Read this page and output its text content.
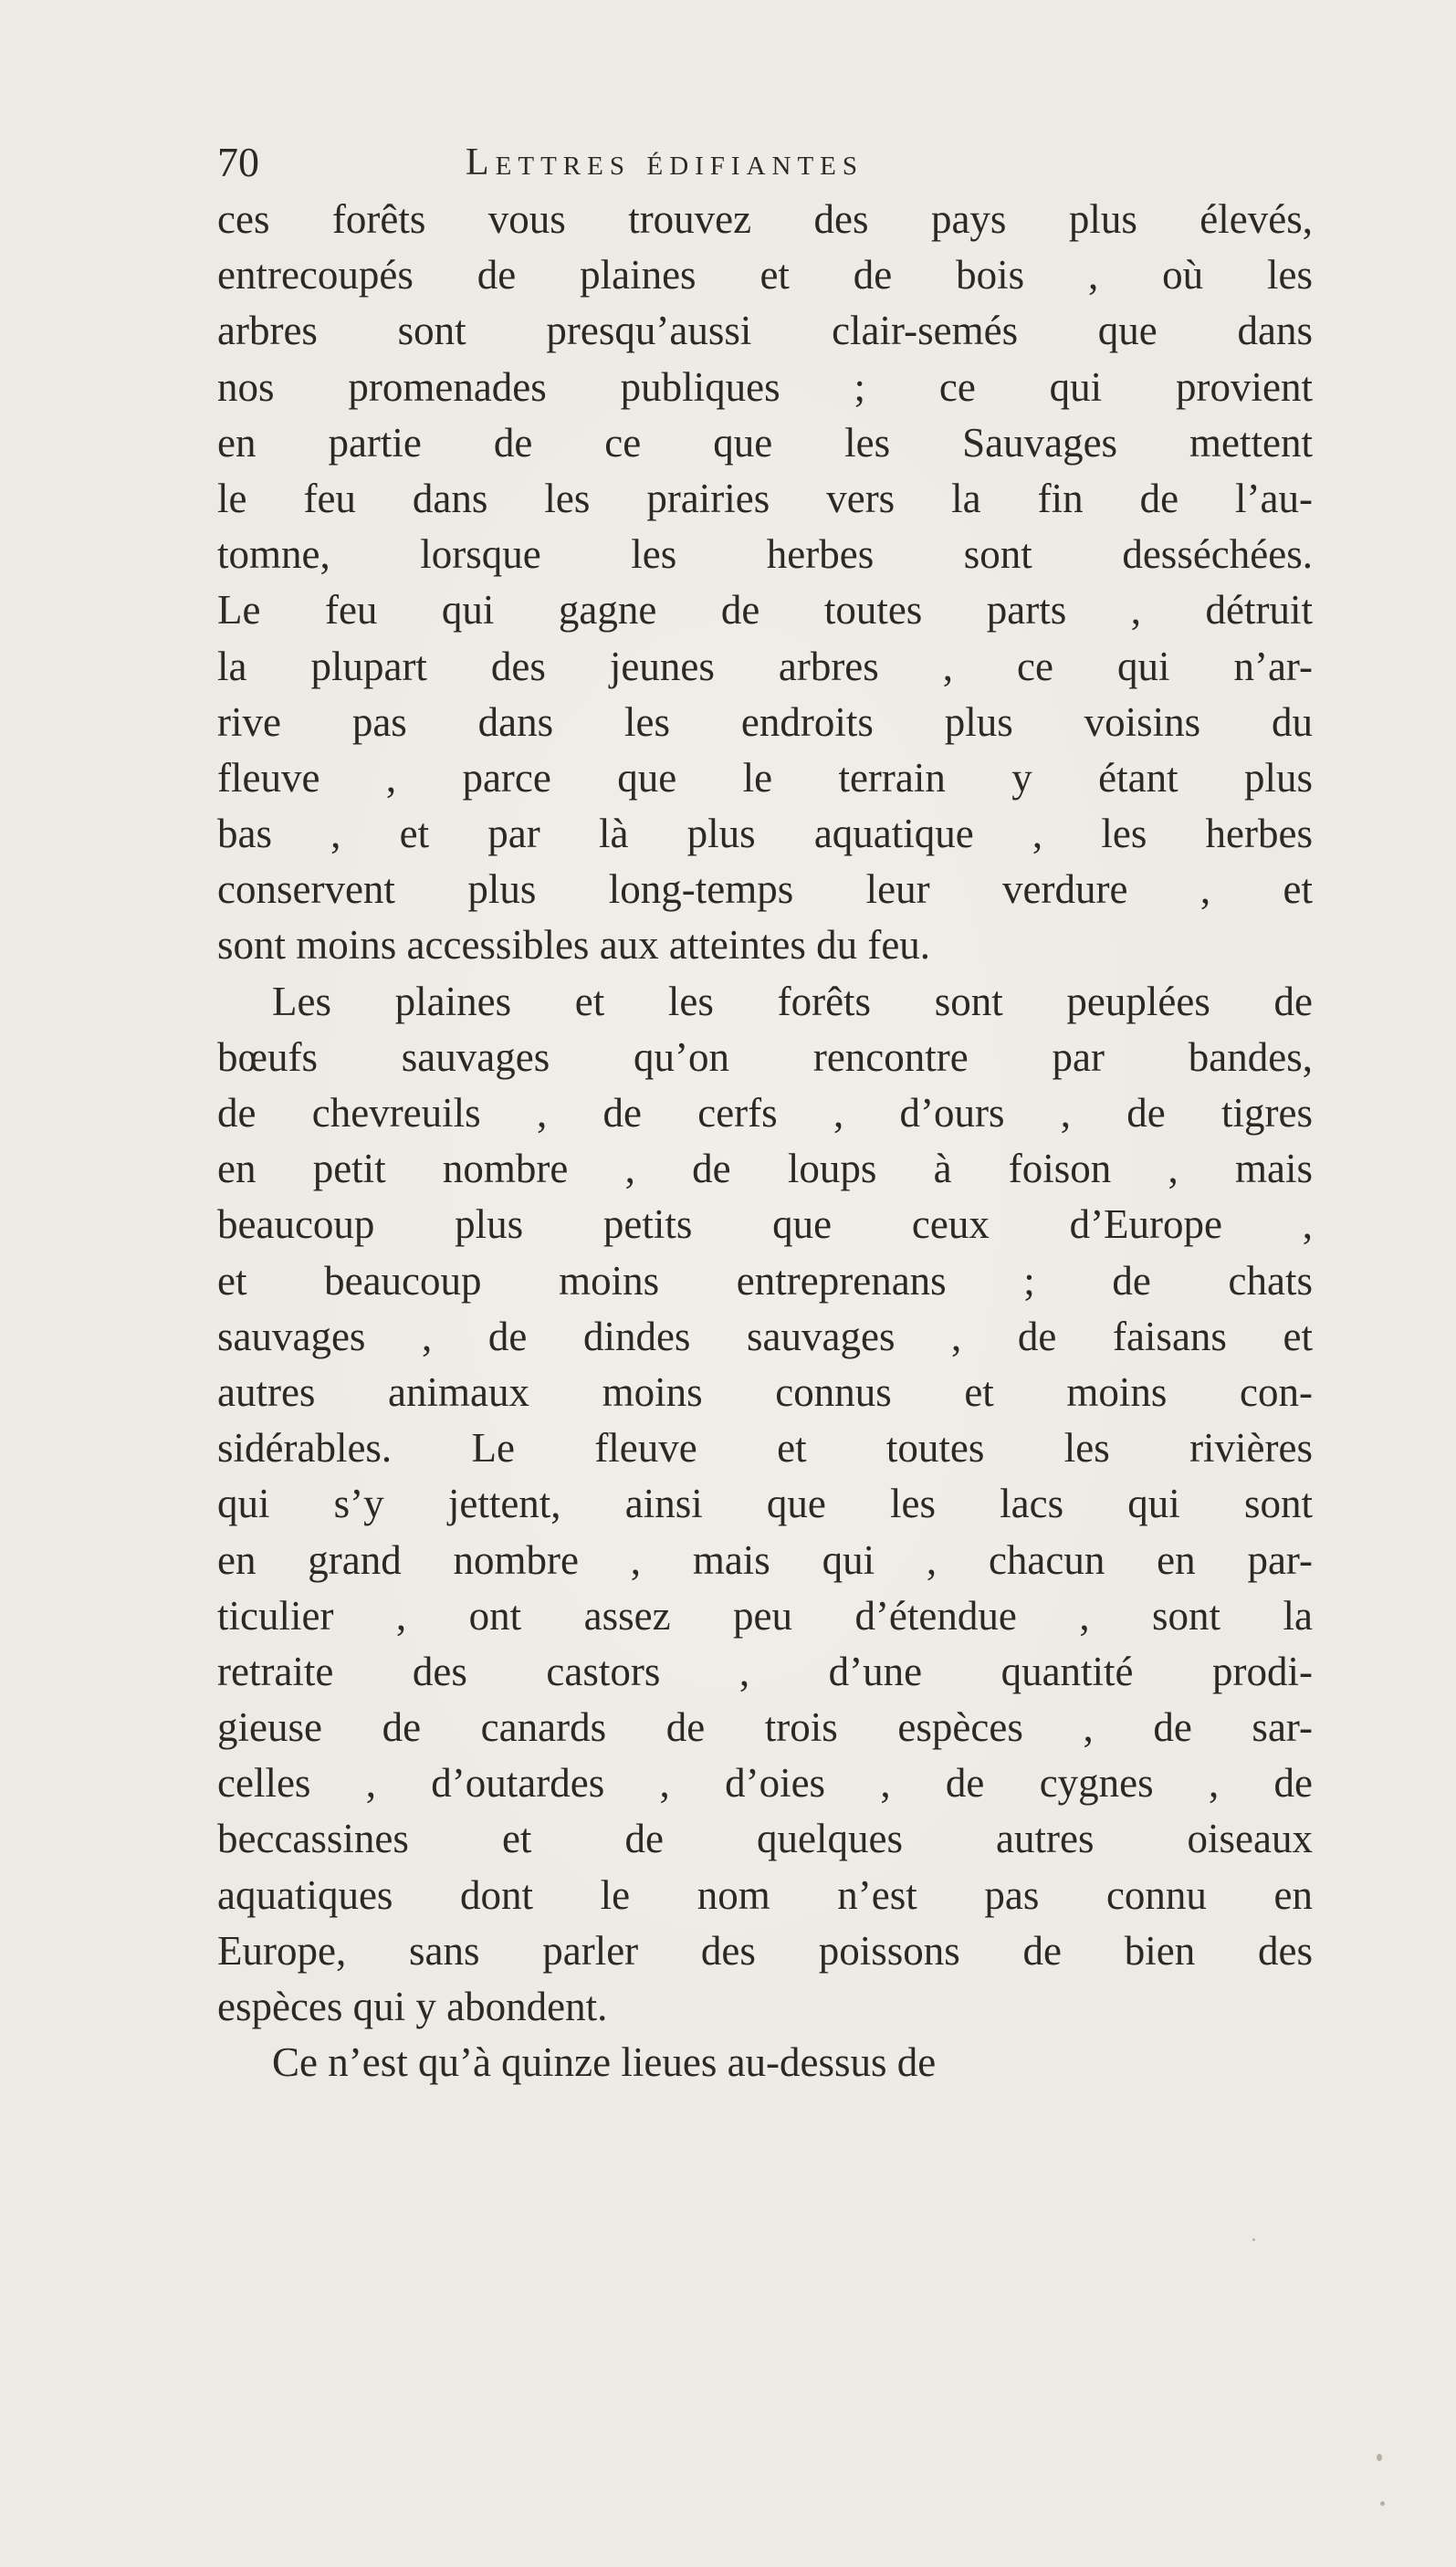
70	Lettres édifiantes
ces forêts vous trouvez des pays plus élevés,
entrecoupés de plaines et de bois , où les
arbres sont presqu’aussi clair-semés que dans
nos promenades publiques ; ce qui provient
en partie de ce que les Sauvages mettent
le feu dans les prairies vers la fin de l’au-
tomne, lorsque les herbes sont desséchées.
Le feu qui gagne de toutes parts , détruit
la plupart des jeunes arbres , ce qui n’ar-
rive pas dans les endroits plus voisins du
fleuve , parce que le terrain y étant plus
bas , et par là plus aquatique , les herbes
conservent plus long-temps leur verdure , et
sont moins accessibles aux atteintes du feu.
Les plaines et les forêts sont peuplées de
bœufs sauvages qu’on rencontre par bandes,
de chevreuils , de cerfs , d’ours , de tigres
en petit nombre , de loups à foison , mais
beaucoup plus petits que ceux d’Europe ,
et beaucoup moins entreprenans ; de chats
sauvages , de dindes sauvages , de faisans et
autres animaux moins connus et moins con-
sidérables. Le fleuve et toutes les rivières
qui s’y jettent, ainsi que les lacs qui sont
en grand nombre , mais qui , chacun en par-
ticulier , ont assez peu d’étendue , sont la
retraite des castors , d’une quantité prodi-
gieuse de canards de trois espèces , de sar-
celles , d’outardes , d’oies , de cygnes , de
beccassines et de quelques autres oiseaux
aquatiques dont le nom n’est pas connu en
Europe, sans parler des poissons de bien des
espèces qui y abondent.
Ce n’est qu’à quinze lieues au-dessus de
